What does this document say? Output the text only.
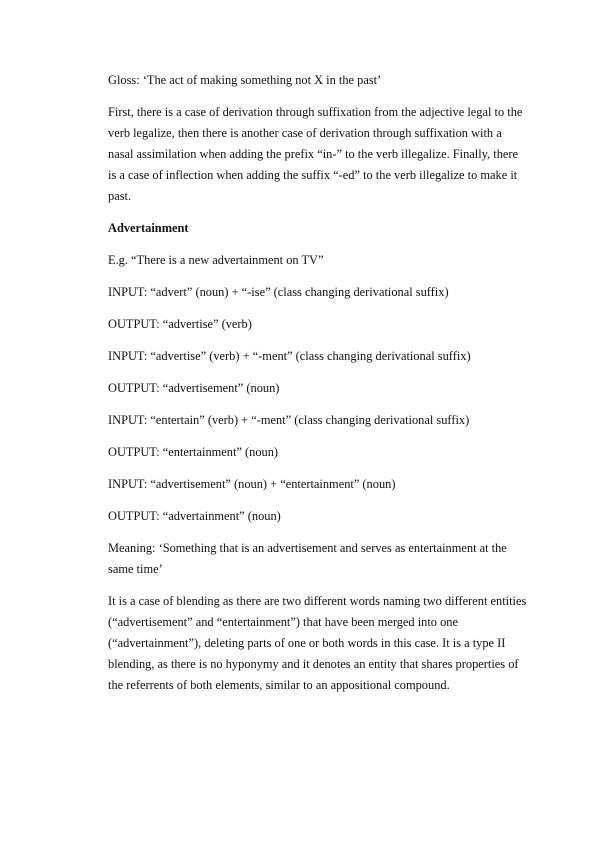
Gloss: ‘The act of making something not X in the past’

First, there is a case of derivation through suffixation from the adjective legal to the verb legalize, then there is another case of derivation through suffixation with a nasal assimilation when adding the prefix “in-” to the verb illegalize. Finally, there is a case of inflection when adding the suffix “-ed” to the verb illegalize to make it past.

Advertainment
E.g. “There is a new advertainment on TV”
INPUT: “advert” (noun) + “-ise” (class changing derivational suffix)
OUTPUT: “advertise” (verb)
INPUT: “advertise” (verb) + “-ment” (class changing derivational suffix)
OUTPUT: “advertisement” (noun)
INPUT: “entertain” (verb) + “-ment” (class changing derivational suffix)
OUTPUT: “entertainment” (noun)
INPUT: “advertisement” (noun) + “entertainment” (noun)
OUTPUT: “advertainment” (noun)

Meaning: ‘Something that is an advertisement and serves as entertainment at the same time’

It is a case of blending as there are two different words naming two different entities (“advertisement” and “entertainment”) that have been merged into one (“advertainment”), deleting parts of one or both words in this case. It is a type II blending, as there is no hyponymy and it denotes an entity that shares properties of the referrents of both elements, similar to an appositional compound.
